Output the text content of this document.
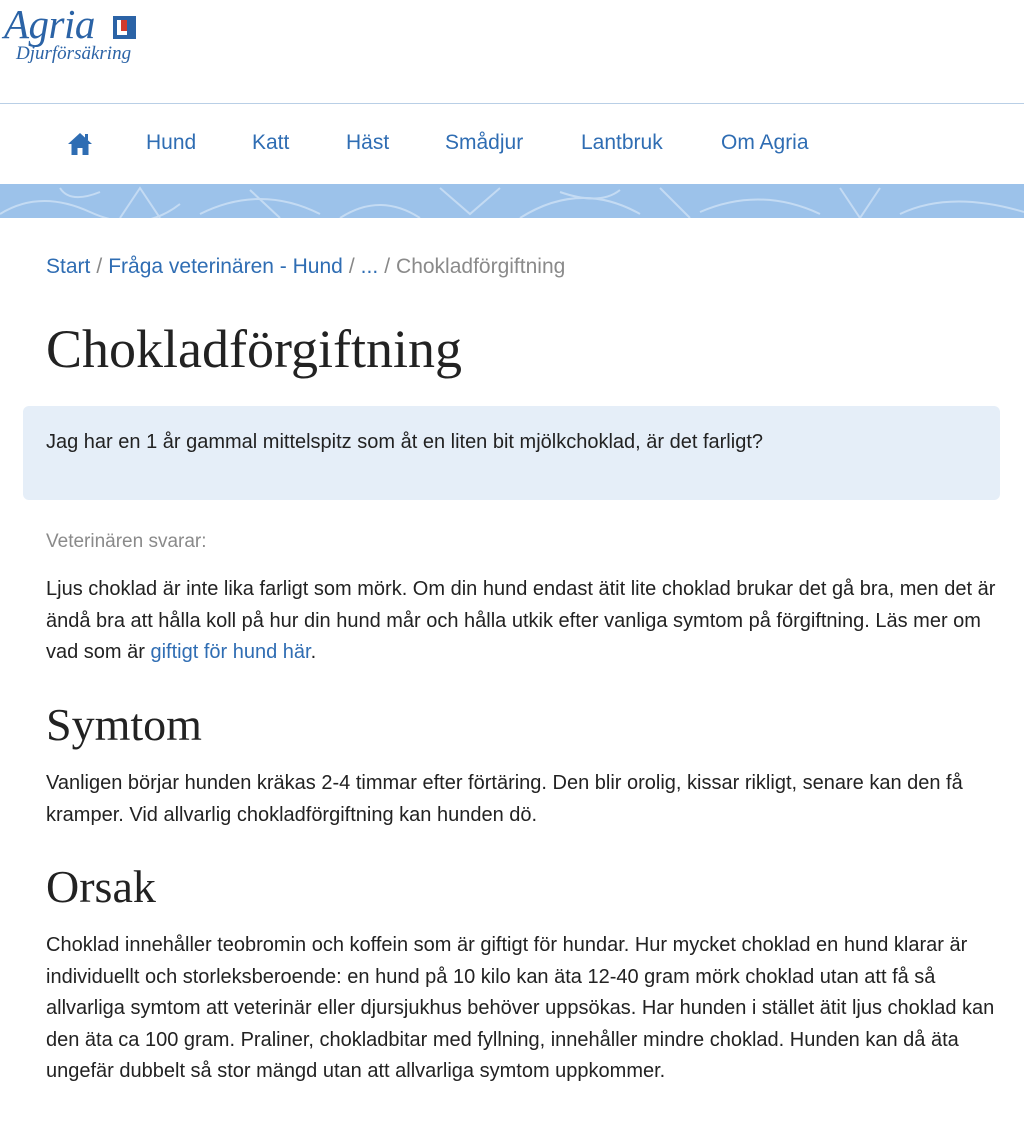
Agria
Djurförsäkring
Hund	Katt	Häst	Smådjur	Lantbruk	Om Agria
Start / Fråga veterinären - Hund / ... / Chokladförgiftning
Chokladförgiftning
Jag har en 1 år gammal mittelspitz som åt en liten bit mjölkchoklad, är det farligt?
Veterinären svarar:

Ljus choklad är inte lika farligt som mörk. Om din hund endast ätit lite choklad brukar det gå bra, men det är ändå bra att hålla koll på hur din hund mår och hålla utkik efter vanliga symtom på förgiftning. Läs mer om vad som är giftigt för hund här.

Symtom

Vanligen börjar hunden kräkas 2-4 timmar efter förtäring. Den blir orolig, kissar rikligt, senare kan den få kramper. Vid allvarlig chokladförgiftning kan hunden dö.

Orsak

Choklad innehåller teobromin och koffein som är giftigt för hundar. Hur mycket choklad en hund klarar är individuellt och storleksberoende: en hund på 10 kilo kan äta 12-40 gram mörk choklad utan att få så allvarliga symtom att veterinär eller djursjukhus behöver uppsökas. Har hunden i stället ätit ljus choklad kan den äta ca 100 gram. Praliner, chokladbitar med fyllning, innehåller mindre choklad. Hunden kan då äta ungefär dubbelt så stor mängd utan att allvarliga symtom uppkommer.
